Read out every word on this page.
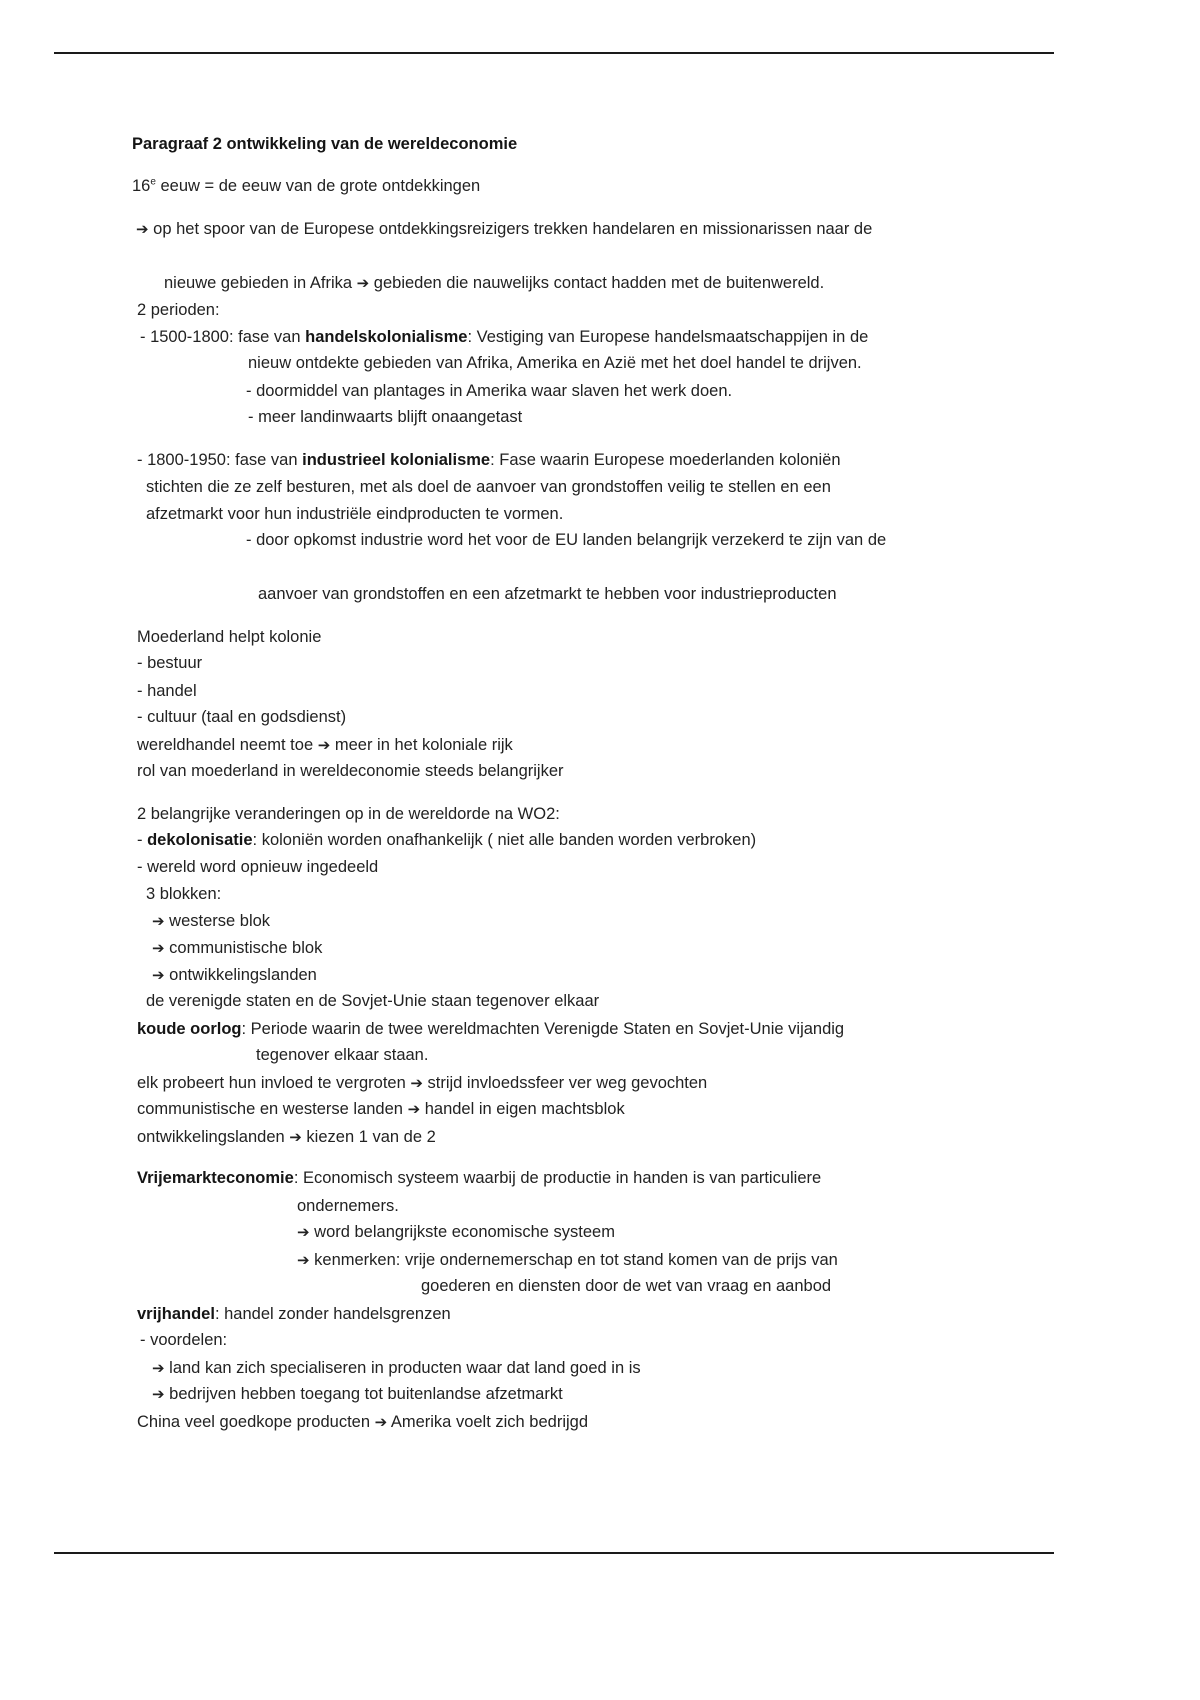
Paragraaf 2 ontwikkeling van de wereldeconomie
16e eeuw = de eeuw van de grote ontdekkingen
➔ op het spoor van de Europese ontdekkingsreizigers trekken handelaren en missionarissen naar de
nieuwe gebieden in Afrika ➔ gebieden die nauwelijks contact hadden met de buitenwereld.
2 perioden:
- 1500-1800: fase van handelskolonialisme: Vestiging van Europese handelsmaatschappijen in de
nieuw ontdekte gebieden van Afrika, Amerika en Azië met het doel handel te drijven.
- doormiddel van plantages in Amerika waar slaven het werk doen.
- meer landinwaarts blijft onaangetast
- 1800-1950: fase van industrieel kolonialisme: Fase waarin Europese moederlanden koloniën
stichten die ze zelf besturen, met als doel de aanvoer van grondstoffen veilig te stellen en een
afzetmarkt voor hun industriële eindproducten te vormen.
- door opkomst industrie word het voor de EU landen belangrijk verzekerd te zijn van de
aanvoer van grondstoffen en een afzetmarkt te hebben voor industrieproducten
Moederland helpt kolonie
- bestuur
- handel
- cultuur (taal en godsdienst)
wereldhandel neemt toe ➔ meer in het koloniale rijk
rol van moederland in wereldeconomie steeds belangrijker
2 belangrijke veranderingen op in de wereldorde na WO2:
- dekolonisatie: koloniën worden onafhankelijk ( niet alle banden worden verbroken)
- wereld word opnieuw ingedeeld
3 blokken:
➔ westerse blok
➔ communistische blok
➔ ontwikkelingslanden
de verenigde staten en de Sovjet-Unie staan tegenover elkaar
koude oorlog: Periode waarin de twee wereldmachten Verenigde Staten en Sovjet-Unie vijandig
tegenover elkaar staan.
elk probeert hun invloed te vergroten ➔ strijd invloedssfeer ver weg gevochten
communistische en westerse landen ➔ handel in eigen machtsblok
ontwikkelingslanden ➔ kiezen 1 van de 2
Vrijemarkteconomie: Economisch systeem waarbij de productie in handen is van particuliere
ondernemers.
➔ word belangrijkste economische systeem
➔ kenmerken: vrije ondernemerschap en tot stand komen van de prijs van
goederen en diensten door de wet van vraag en aanbod
vrijhandel: handel zonder handelsgrenzen
- voordelen:
➔ land kan zich specialiseren in producten waar dat land goed in is
➔ bedrijven hebben toegang tot buitenlandse afzetmarkt
China veel goedkope producten ➔ Amerika voelt zich bedrijgd
